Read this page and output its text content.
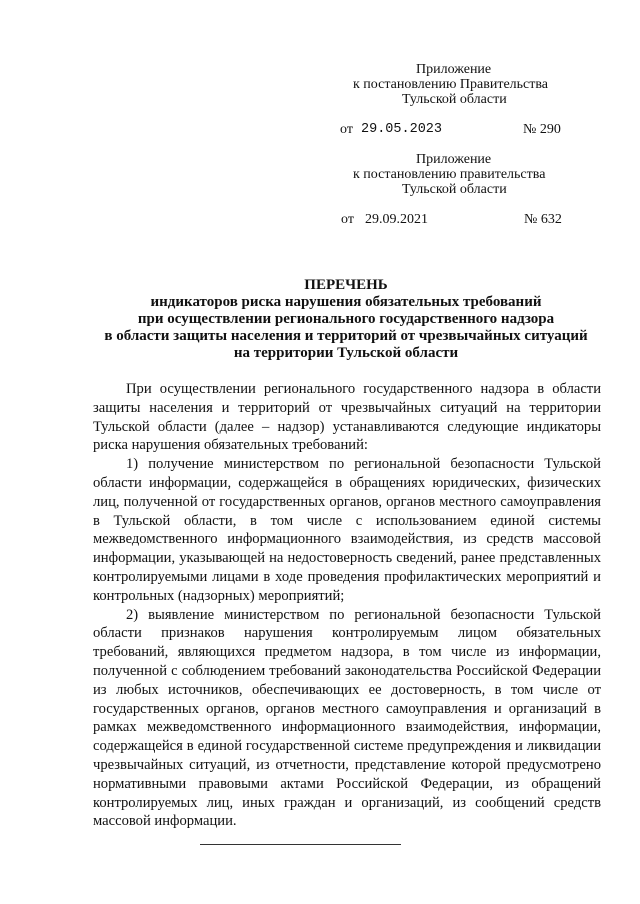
Приложение
к постановлению Правительства
Тульской области
от 29.05.2023	№ 290
Приложение
к постановлению правительства
Тульской области
от 29.09.2021	№ 632
ПЕРЕЧЕНЬ
индикаторов риска нарушения обязательных требований
при осуществлении регионального государственного надзора
в области защиты населения и территорий от чрезвычайных ситуаций
на территории Тульской области

При осуществлении регионального государственного надзора в области защиты населения и территорий от чрезвычайных ситуаций на территории Тульской области (далее – надзор) устанавливаются следующие индикаторы риска нарушения обязательных требований:

1) получение министерством по региональной безопасности Тульской области информации, содержащейся в обращениях юридических, физических лиц, полученной от государственных органов, органов местного самоуправления в Тульской области, в том числе с использованием единой системы межведомственного информационного взаимодействия, из средств массовой информации, указывающей на недостоверность сведений, ранее представленных контролируемыми лицами в ходе проведения профилактических мероприятий и контрольных (надзорных) мероприятий;

2) выявление министерством по региональной безопасности Тульской области признаков нарушения контролируемым лицом обязательных требований, являющихся предметом надзора, в том числе из информации, полученной с соблюдением требований законодательства Российской Федерации из любых источников, обеспечивающих ее достоверность, в том числе от государственных органов, органов местного самоуправления и организаций в рамках межведомственного информационного взаимодействия, информации, содержащейся в единой государственной системе предупреждения и ликвидации чрезвычайных ситуаций, из отчетности, представление которой предусмотрено нормативными правовыми актами Российской Федерации, из обращений контролируемых лиц, иных граждан и организаций, из сообщений средств массовой информации.
